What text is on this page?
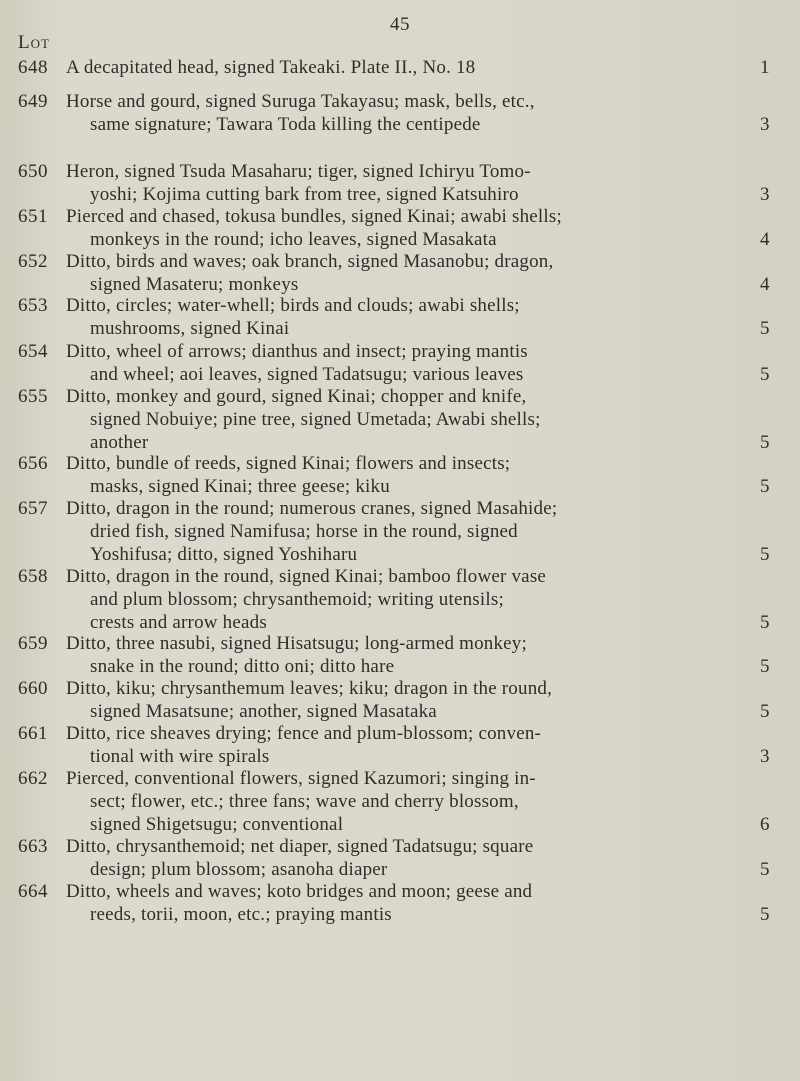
45
Lot
648 A decapitated head, signed Takeaki. Plate II., No. 18	1
649 Horse and gourd, signed Suruga Takayasu; mask, bells, etc.,
same signature; Tawara Toda killing the centipede	3
650 Heron, signed Tsuda Masaharu; tiger, signed Ichiryu Tomo-
yoshi; Kojima cutting bark from tree, signed Katsuhiro	3
651 Pierced and chased, tokusa bundles, signed Kinai; awabi shells;
monkeys in the round; icho leaves, signed Masakata	4
652 Ditto, birds and waves; oak branch, signed Masanobu; dragon,
signed Masateru; monkeys	4
653 Ditto, circles; water-whell; birds and clouds; awabi shells;
mushrooms, signed Kinai	5
654 Ditto, wheel of arrows; dianthus and insect; praying mantis
and wheel; aoi leaves, signed Tadatsugu; various leaves	5
655 Ditto, monkey and gourd, signed Kinai; chopper and knife,
signed Nobuiye; pine tree, signed Umetada; Awabi shells;
another	5
656 Ditto, bundle of reeds, signed Kinai; flowers and insects;
masks, signed Kinai; three geese; kiku	5
657 Ditto, dragon in the round; numerous cranes, signed Masahide;
dried fish, signed Namifusa; horse in the round, signed
Yoshifusa; ditto, signed Yoshiharu	5
658 Ditto, dragon in the round, signed Kinai; bamboo flower vase
and plum blossom; chrysanthemoid; writing utensils;
crests and arrow heads	5
659 Ditto, three nasubi, signed Hisatsugu; long-armed monkey;
snake in the round; ditto oni; ditto hare	5
660 Ditto, kiku; chrysanthemum leaves; kiku; dragon in the round,
signed Masatsune; another, signed Masataka	5
661 Ditto, rice sheaves drying; fence and plum-blossom; conven-
tional with wire spirals	3
662 Pierced, conventional flowers, signed Kazumori; singing in-
sect; flower, etc.; three fans; wave and cherry blossom,
signed Shigetsugu; conventional	6
663 Ditto, chrysanthemoid; net diaper, signed Tadatsugu; square
design; plum blossom; asanoha diaper	5
664 Ditto, wheels and waves; koto bridges and moon; geese and
reeds, torii, moon, etc.; praying mantis	5
